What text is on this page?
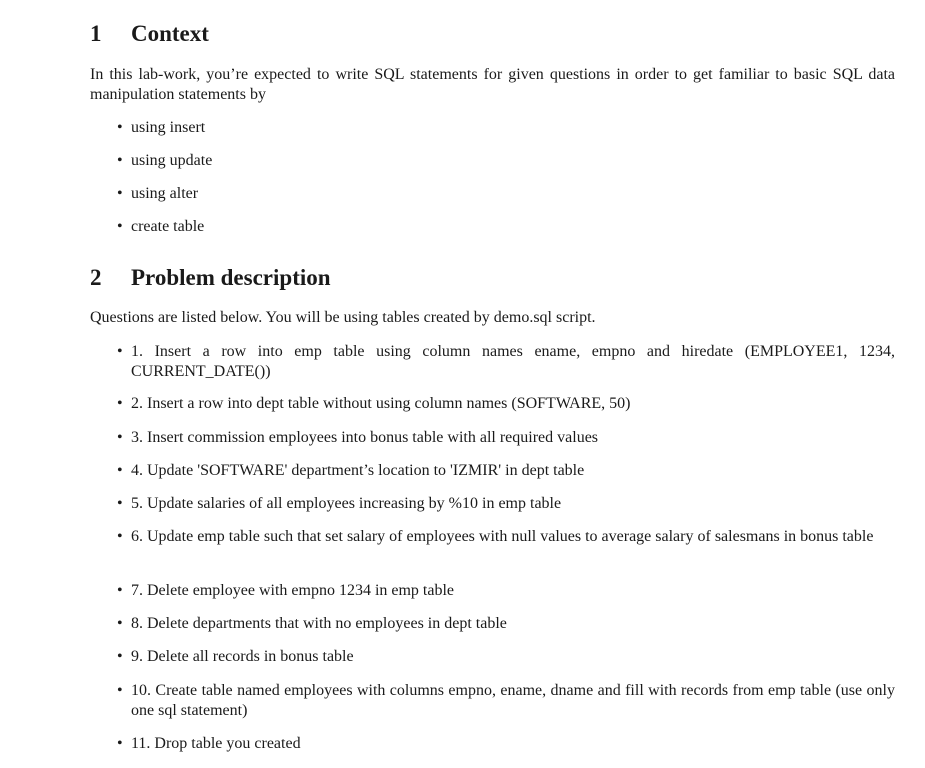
1	Context

In this lab-work, you’re expected to write SQL statements for given questions in order to get familiar to basic SQL data manipulation statements by

• using insert
• using update
• using alter
• create table
2	Problem description

Questions are listed below. You will be using tables created by demo.sql script.

• 1. Insert a row into emp table using column names ename, empno and hiredate (EMPLOYEE1, 1234, CURRENT_DATE())
• 2. Insert a row into dept table without using column names (SOFTWARE, 50)
• 3. Insert commission employees into bonus table with all required values
• 4. Update 'SOFTWARE' department’s location to 'IZMIR' in dept table
• 5. Update salaries of all employees increasing by %10 in emp table
• 6. Update emp table such that set salary of employees with null values to average salary of salesmans in bonus table
• 7. Delete employee with empno 1234 in emp table
• 8. Delete departments that with no employees in dept table
• 9. Delete all records in bonus table
• 10. Create table named employees with columns empno, ename, dname and fill with records from emp table (use only one sql statement)
• 11. Drop table you created
